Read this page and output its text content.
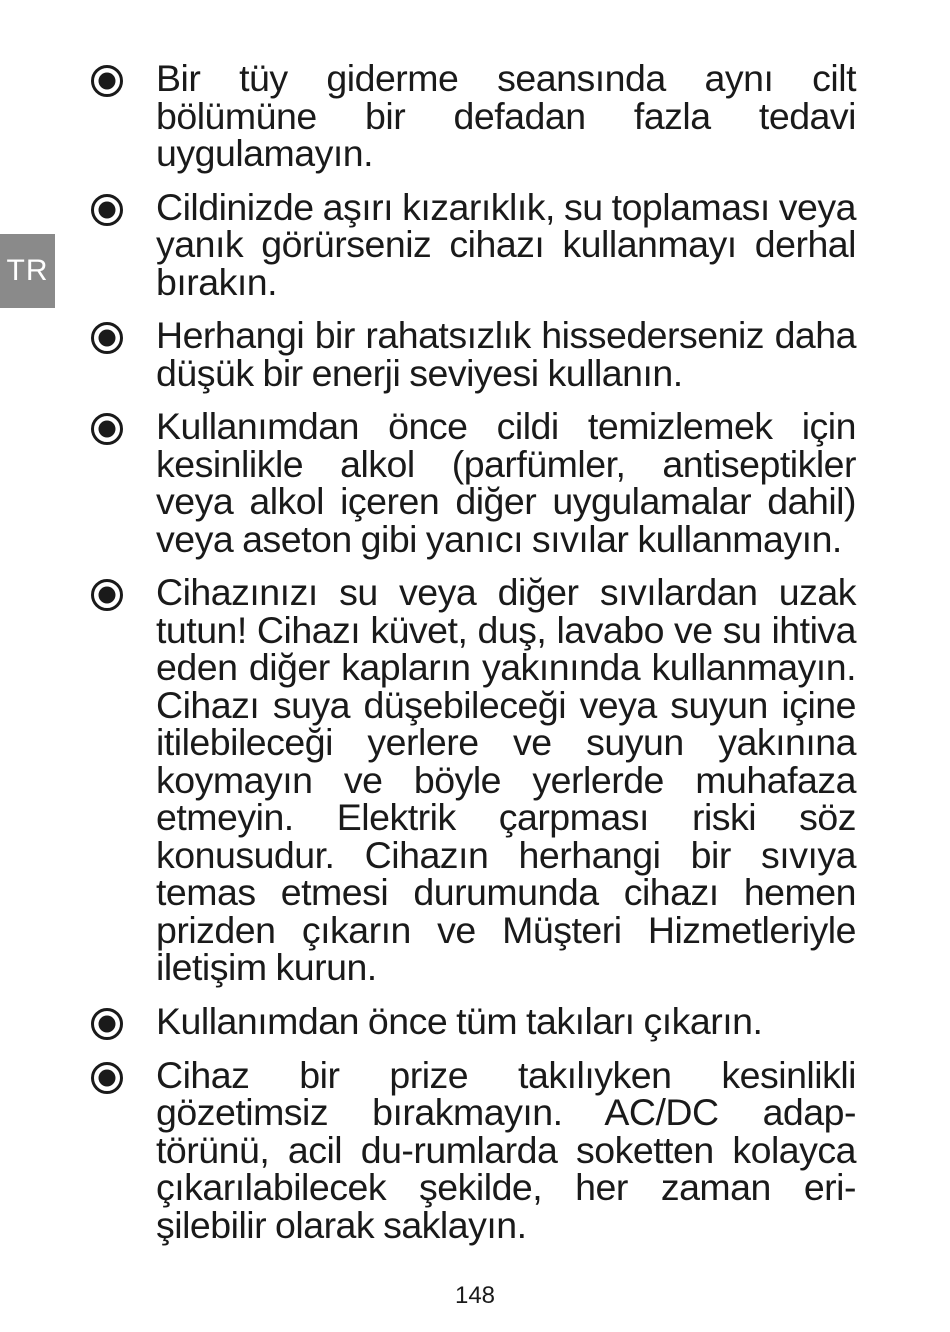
TR
Bir tüy giderme seansında aynı cilt bölümüne bir defadan fazla tedavi uygulamayın.
Cildinizde aşırı kızarıklık, su toplaması veya yanık görürseniz cihazı kullanmayı derhal bırakın.
Herhangi bir rahatsızlık hissederseniz daha düşük bir enerji seviyesi kullanın.
Kullanımdan önce cildi temizlemek için kesinlikle alkol (parfümler, antiseptikler veya alkol içeren diğer uygulamalar dahil) veya aseton gibi yanıcı sıvılar kullanmayın.
Cihazınızı su veya diğer sıvılardan uzak tutun! Cihazı küvet, duş, lavabo ve su ihtiva eden diğer kapların yakınında kullanmayın. Cihazı suya düşebileceği veya suyun içine itilebileceği yerlere ve suyun yakınına koymayın ve böyle yerlerde muhafaza etmeyin. Elektrik çarpması riski söz konusudur. Cihazın herhangi bir sıvıya temas etmesi durumunda cihazı hemen prizden çıkarın ve Müşteri Hizmetleriyle iletişim kurun.
Kullanımdan önce tüm takıları çıkarın.
Cihaz bir prize takılıyken kesinlikli gözetimsiz bırakmayın. AC/DC adap-törünü, acil du-rumlarda soketten kolayca çıkarılabilecek şekilde, her zaman eri-şilebilir olarak saklayın.
148
